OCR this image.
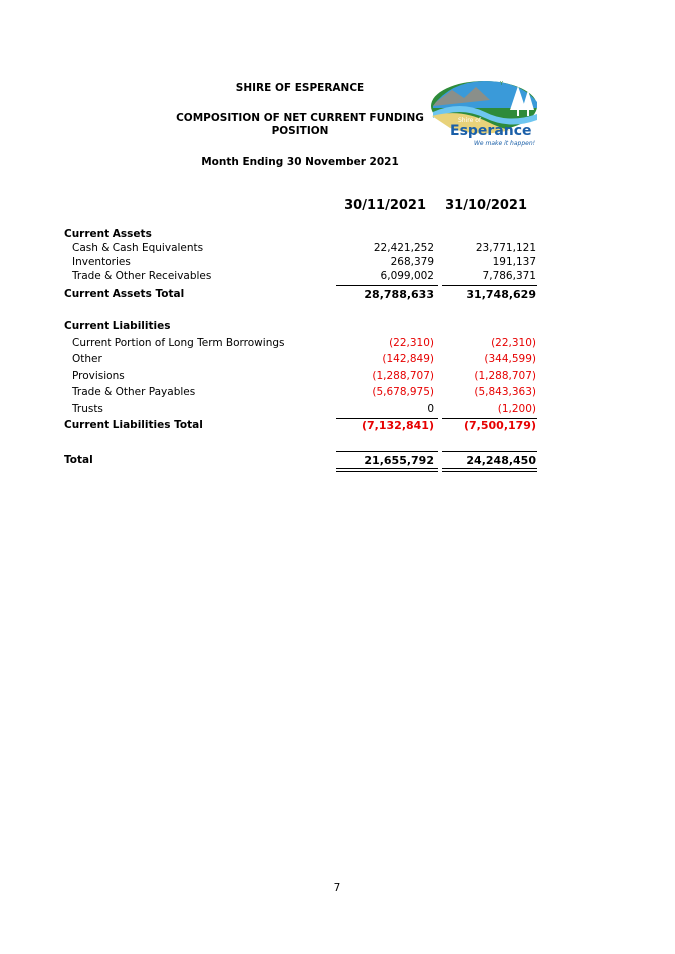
SHIRE OF ESPERANCE
COMPOSITION OF NET CURRENT FUNDING POSITION
Month Ending 30 November 2021
Y
Shire of
Esperance
We make it happen!
30/11/2021 31/10/2021
Current Assets
Cash & Cash Equivalents	22,421,252	23,771,121
Inventories	268,379	191,137
Trade & Other Receivables	6,099,002	7,786,371
Current Assets Total	28,788,633	31,748,629
Current Liabilities
Current Portion of Long Term Borrowings	(22,310)	(22,310)
Other	(142,849)	(344,599)
Provisions	(1,288,707)	(1,288,707)
Trade & Other Payables	(5,678,975)	(5,843,363)
Trusts	0	(1,200)
Current Liabilities Total	(7,132,841)	(7,500,179)
Total	21,655,792	24,248,450
7
